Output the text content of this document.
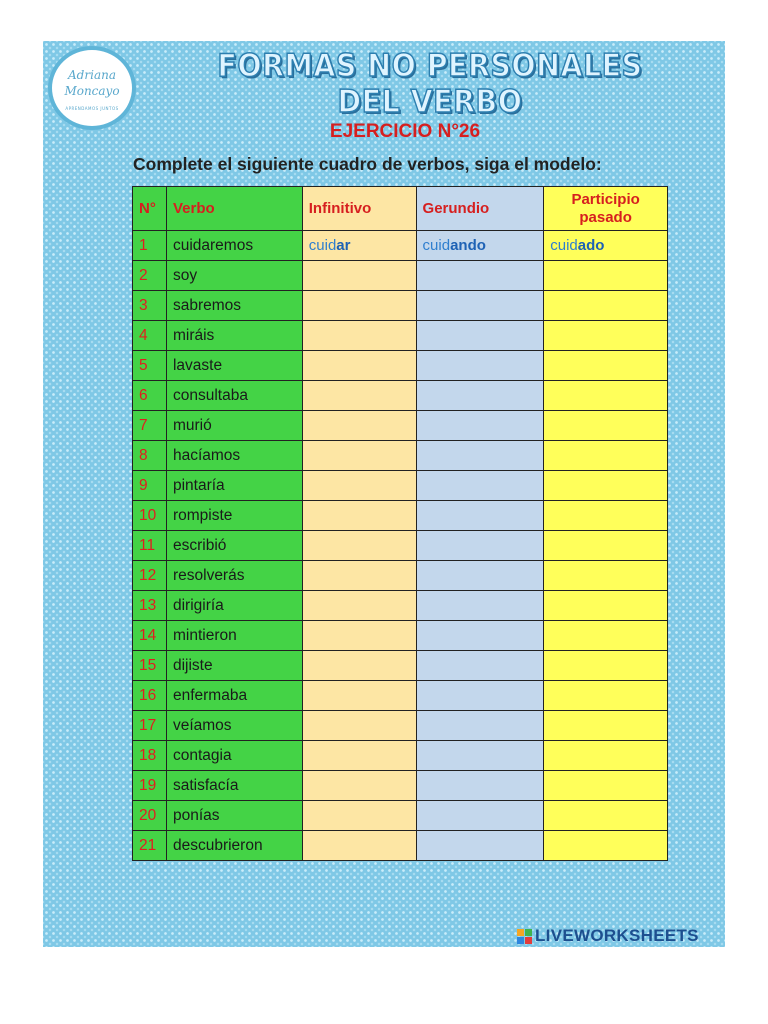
Adriana
Moncayo
APRENDAMOS JUNTOS
FORMAS NO PERSONALES DEL VERBO
EJERCICIO N°26
Complete el siguiente cuadro de verbos, siga el modelo:
N°	Verbo	Infinitivo	Gerundio	Participio pasado
1	cuidaremos	cuidar	cuidando	cuidado
2	soy			
3	sabremos			
4	miráis			
5	lavaste			
6	consultaba			
7	murió			
8	hacíamos			
9	pintaría			
10	rompiste			
11	escribió			
12	resolverás			
13	dirigiría			
14	mintieron			
15	dijiste			
16	enfermaba			
17	veíamos			
18	contagia			
19	satisfacía			
20	ponías			
21	descubrieron			
LIVEWORKSHEETS
